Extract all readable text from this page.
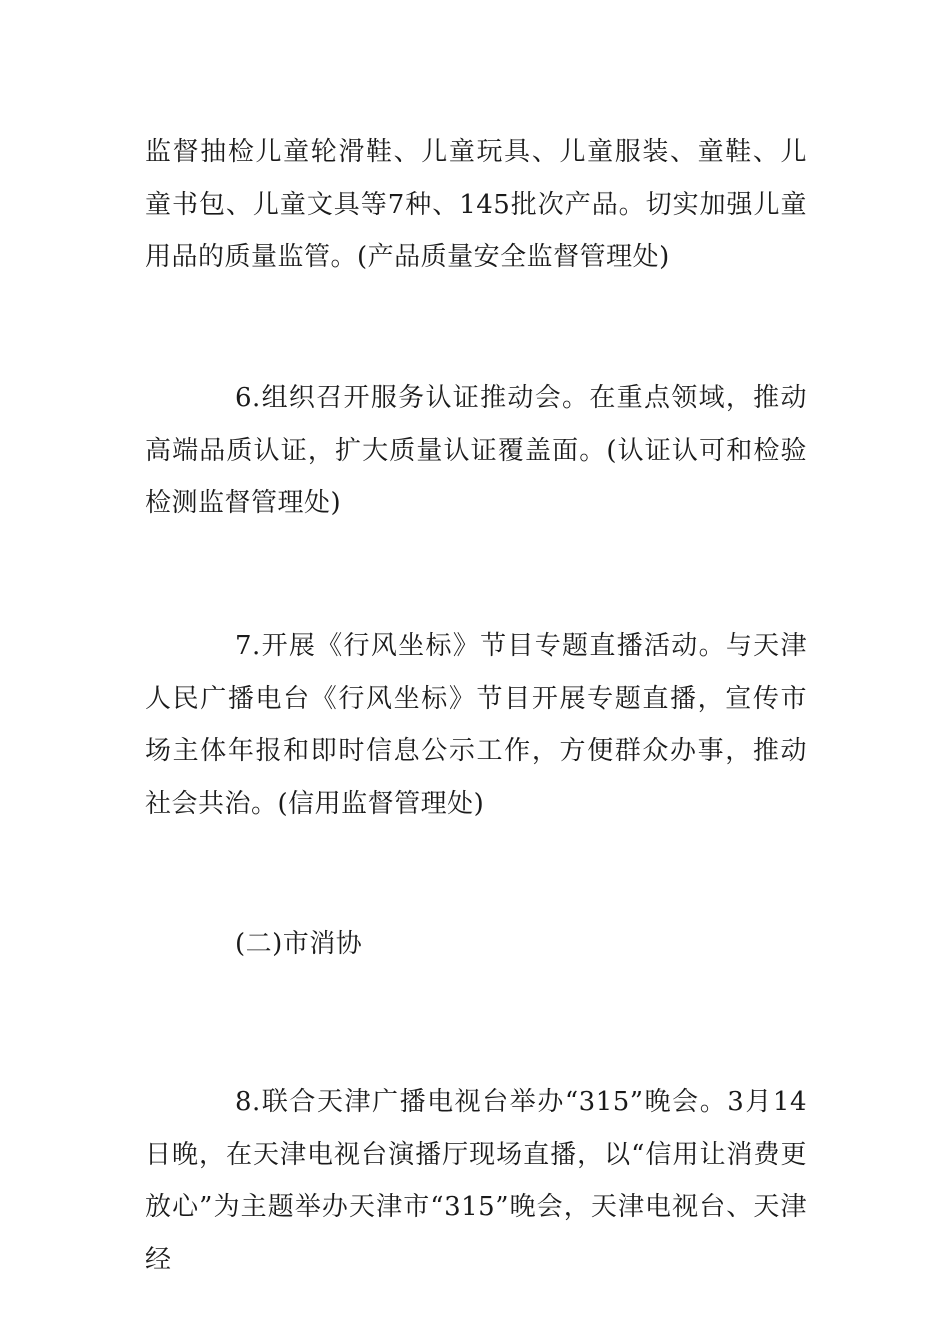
监督抽检儿童轮滑鞋、儿童玩具、儿童服装、童鞋、儿童书包、儿童文具等7种、145批次产品。切实加强儿童用品的质量监管。(产品质量安全监督管理处)

6.组织召开服务认证推动会。在重点领域，推动高端品质认证，扩大质量认证覆盖面。(认证认可和检验检测监督管理处)

7.开展《行风坐标》节目专题直播活动。与天津人民广播电台《行风坐标》节目开展专题直播，宣传市场主体年报和即时信息公示工作，方便群众办事，推动社会共治。(信用监督管理处)

(二)市消协

8.联合天津广播电视台举办“315”晚会。3月14日晚，在天津电视台演播厅现场直播，以“信用让消费更放心”为主题举办天津市“315”晚会，天津电视台、天津经
